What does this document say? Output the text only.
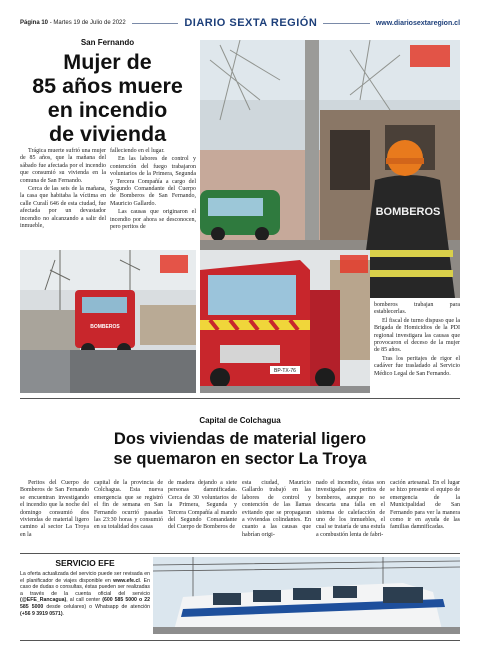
Página 10 - Martes 19 de Julio de 2022	DIARIO SEXTA REGIÓN	www.diariosextaregion.cl
San Fernando
Mujer de
85 años muere
en incendio
de vivienda

Trágica muerte sufrió una mujer de 85 años, que la mañana del sábado fue afectada por el incendio que consumió su vivienda en la comuna de San Fernando.

Cerca de las seis de la mañana, la casa que habitaba la víctima en calle Curalí 646 de esta ciudad, fue afectada por un devastador incendio no alcanzando a salir del inmueble,

falleciendo en el lugar.

En las labores de control y contención del fuego trabajaron voluntarios de la Primera, Segunda y Tercera Compañía a cargo del Segundo Comandante del Cuerpo de Bomberos de San Fernando, Mauricio Gallardo.

Las causas que originaron el incendio por ahora se desconocen, pero peritos de

bomberos trabajan para establecerlas.

El fiscal de turno dispuso que la Brigada de Homicidios de la PDI regional investigara las causas que provocaron el deceso de la mujer de 85 años.

Tras los peritajes de rigor el cadáver fue trasladado al Servicio Médico Legal de San Fernando.

BOMBEROS
BOMBEROS
BP-TX-76
Capital de Colchagua
Dos viviendas de material ligero
se quemaron en sector La Troya

Peritos del Cuerpo de Bomberos de San Fernando se encuentran investigando el incendio que la noche del domingo consumió dos viviendas de material ligero camino al sector La Troya en la

capital de la provincia de Colchagua. Esta nueva emergencia que se registró el fin de semana en San Fernando ocurrió pasadas las 23:30 horas y consumió en su totalidad dos casas

de madera dejando a siete personas damnificadas. Cerca de 30 voluntarios de la Primera, Segunda y Tercera Compañía al mando del Segundo Comandante del Cuerpo de Bomberos de

esta ciudad, Mauricio Gallardo trabajó en las labores de control y contención de las llamas evitando que se propagaran a viviendas colindantes. En cuanto a las causas que habrían origi-

nado el incendio, éstas son investigadas por peritos de bomberos, aunque no se descarta una falla en el sistema de calefacción de uno de los inmuebles, el cual se trataría de una estufa a combustión lenta de fabri-

cación artesanal. En el lugar se hizo presente el equipo de emergencia de la Municipalidad de San Fernando para ver la manera como ir en ayuda de las familias damnificadas.

SERVICIO EFE
La oferta actualizada del servicio puede ser revisada en el planificador de viajes disponible en www.efe.cl. En caso de dudas o consultas, éstas pueden ser realizadas a través de la cuenta oficial del servicio (@EFE_Rancagua), al call center (600 585 5000 o 22 585 5000 desde celulares) o Whatsapp de atención (+56 9 3919 0571).
